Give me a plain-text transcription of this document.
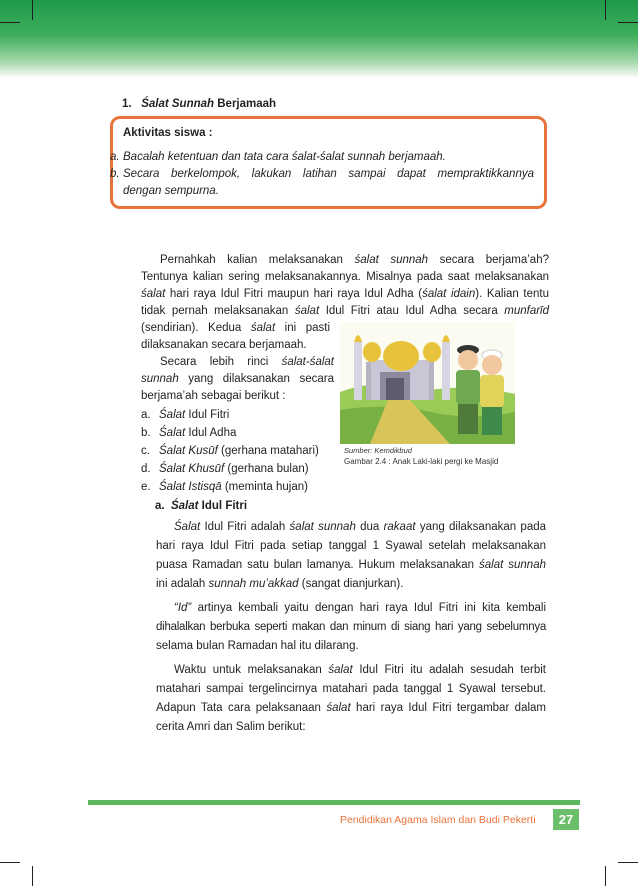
1. Śalat Sunnah Berjamaah
Aktivitas siswa :
a. Bacalah ketentuan dan tata cara śalat-śalat sunnah berjamaah.
b. Secara berkelompok, lakukan latihan sampai dapat mempraktikkannya
dengan sempurna.
Pernahkah kalian melaksanakan śalat sunnah secara berjama’ah?
Tentunya kalian sering melaksanakannya. Misalnya pada saat melaksanakan
śalat hari raya Idul Fitri maupun hari raya Idul Adha (śalat idain). Kalian tentu
tidak pernah melaksanakan śalat Idul Fitri atau Idul Adha secara munfarīd
(sendirian). Kedua śalat ini pasti
dilaksanakan secara berjamaah.
Secara lebih rinci śalat-śalat
sunnah yang dilaksanakan secara
berjama’ah sebagai berikut :
a. Śalat Idul Fitri
b. Śalat Idul Adha
c. Śalat Kusūf (gerhana matahari)
d. Śalat Khusūf (gerhana bulan)
e. Śalat Istisqā (meminta hujan)
Sumber: Kemdikbud
Gambar 2.4 : Anak Laki-laki pergi ke Masjid
a. Śalat Idul Fitri
Śalat Idul Fitri adalah śalat sunnah dua rakaat yang dilaksanakan pada
hari raya Idul Fitri pada setiap tanggal 1 Syawal setelah melaksanakan
puasa Ramadan satu bulan lamanya. Hukum melaksanakan śalat sunnah
ini adalah sunnah mu’akkad (sangat dianjurkan).
“Id” artinya kembali yaitu dengan hari raya Idul Fitri ini kita kembali
dihalalkan berbuka seperti makan dan minum di siang hari yang sebelumnya
selama bulan Ramadan hal itu dilarang.
Waktu untuk melaksanakan śalat Idul Fitri itu adalah sesudah terbit
matahari sampai tergelincirnya matahari pada tanggal 1 Syawal tersebut.
Adapun Tata cara pelaksanaan śalat hari raya Idul Fitri tergambar dalam
cerita Amri dan Salim berikut:
Pendidikan Agama Islam dan Budi Pekerti	27
